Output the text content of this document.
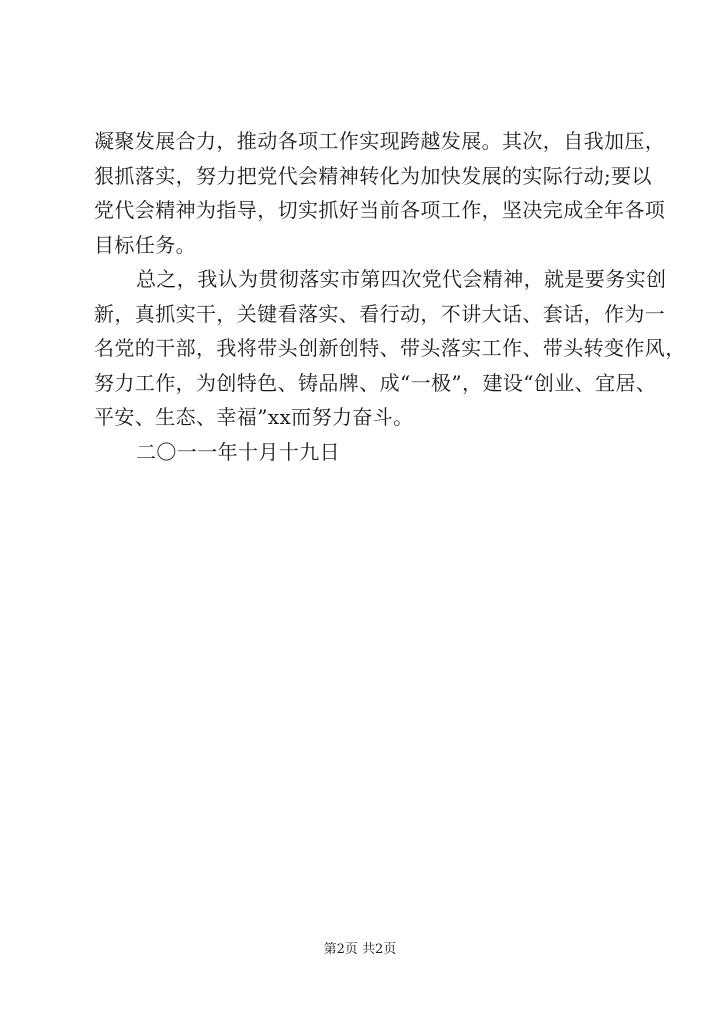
凝聚发展合力，推动各项工作实现跨越发展。其次，自我加压，
狠抓落实，努力把党代会精神转化为加快发展的实际行动;要以
党代会精神为指导，切实抓好当前各项工作，坚决完成全年各项
目标任务。
总之，我认为贯彻落实市第四次党代会精神，就是要务实创
新，真抓实干，关键看落实、看行动，不讲大话、套话，作为一
名党的干部，我将带头创新创特、带头落实工作、带头转变作风，
努力工作，为创特色、铸品牌、成“一极”，建设“创业、宜居、
平安、生态、幸福”xx而努力奋斗。
二〇一一年十月十九日
第2页 共2页
